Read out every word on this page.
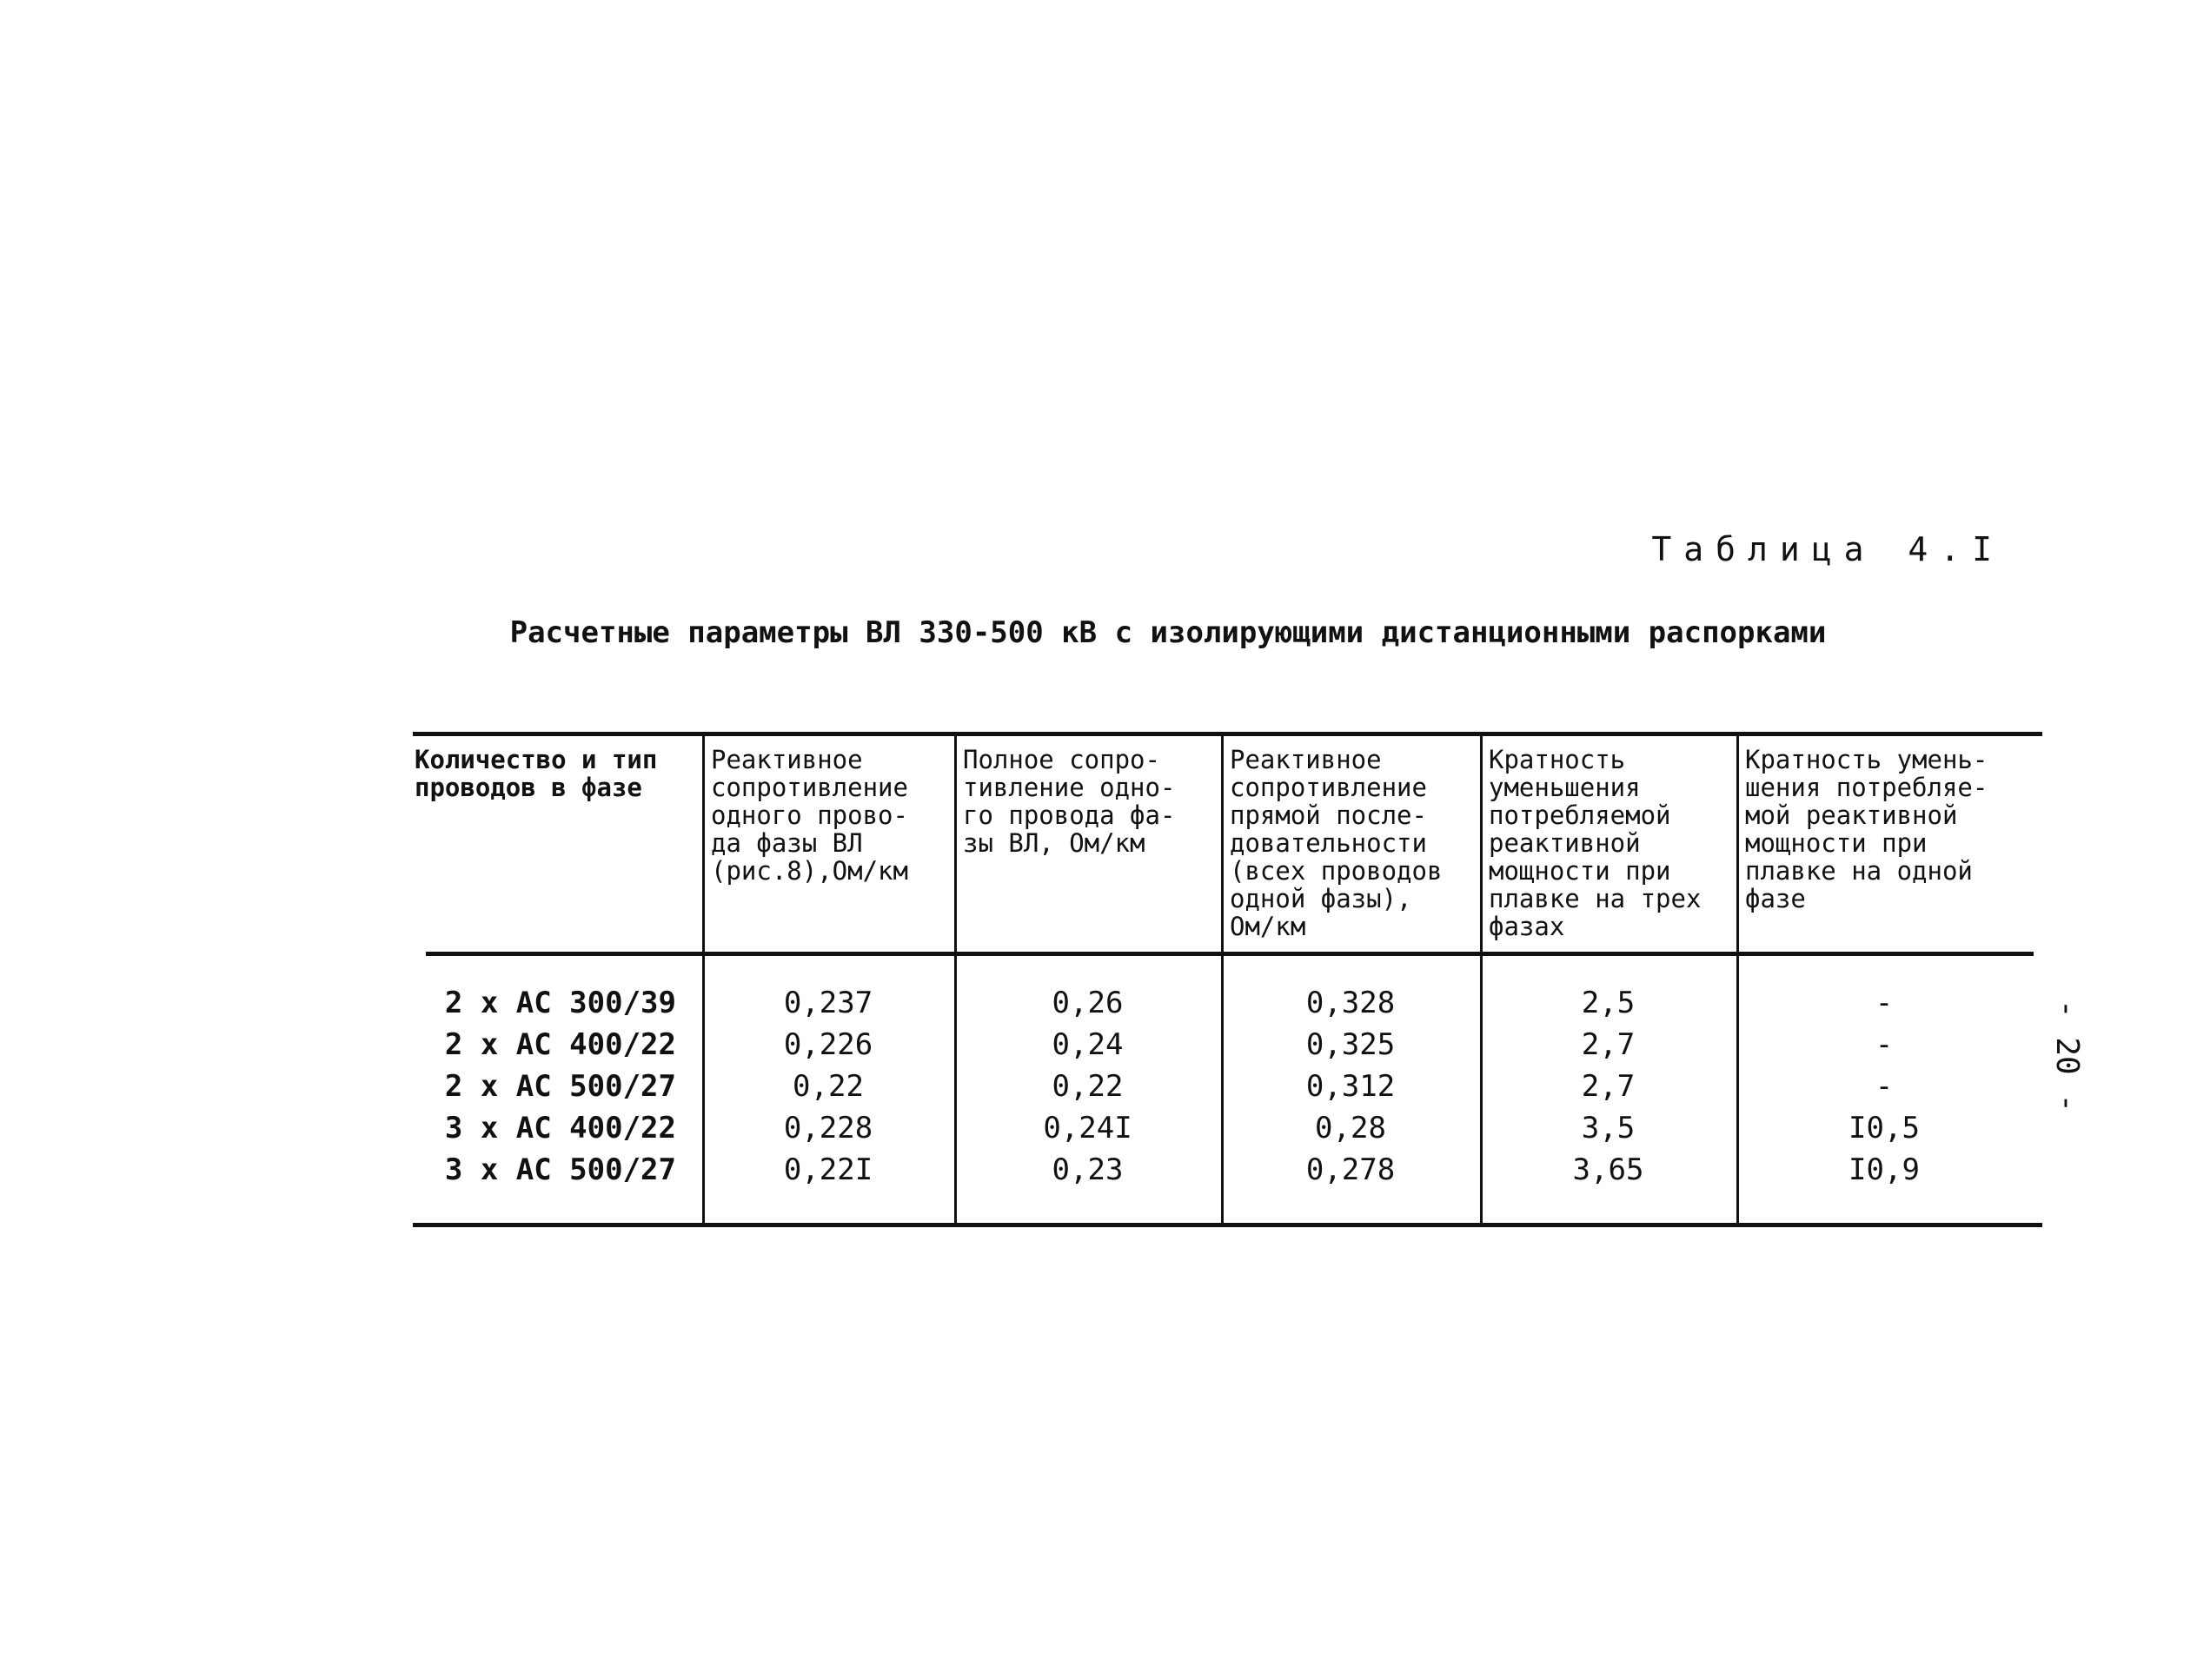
Таблица 4.I
Расчетные параметры ВЛ 330-500 кВ с изолирующими дистанционными распорками
Количество и тип
проводов в фазе
Реактивное
сопротивление
одного прово-
да фазы ВЛ
(рис.8),Ом/км
Полное сопро-
тивление одно-
го провода фа-
зы ВЛ, Ом/км
Реактивное
сопротивление
прямой после-
довательности
(всех проводов
одной фазы),
Ом/км
Кратность
уменьшения
потребляемой
реактивной
мощности при
плавке на трех
фазах
Кратность умень-
шения потребляе-
мой реактивной
мощности при
плавке на одной
фазе
2 х АС 300/39
2 х АС 400/22
2 х АС 500/27
3 х АС 400/22
3 х АС 500/27
0,237
0,226
0,22
0,228
0,22I
0,26
0,24
0,22
0,24I
0,23
0,328
0,325
0,312
0,28
0,278
2,5
2,7
2,7
3,5
3,65
-
-
-
I0,5
I0,9
- 20 -
